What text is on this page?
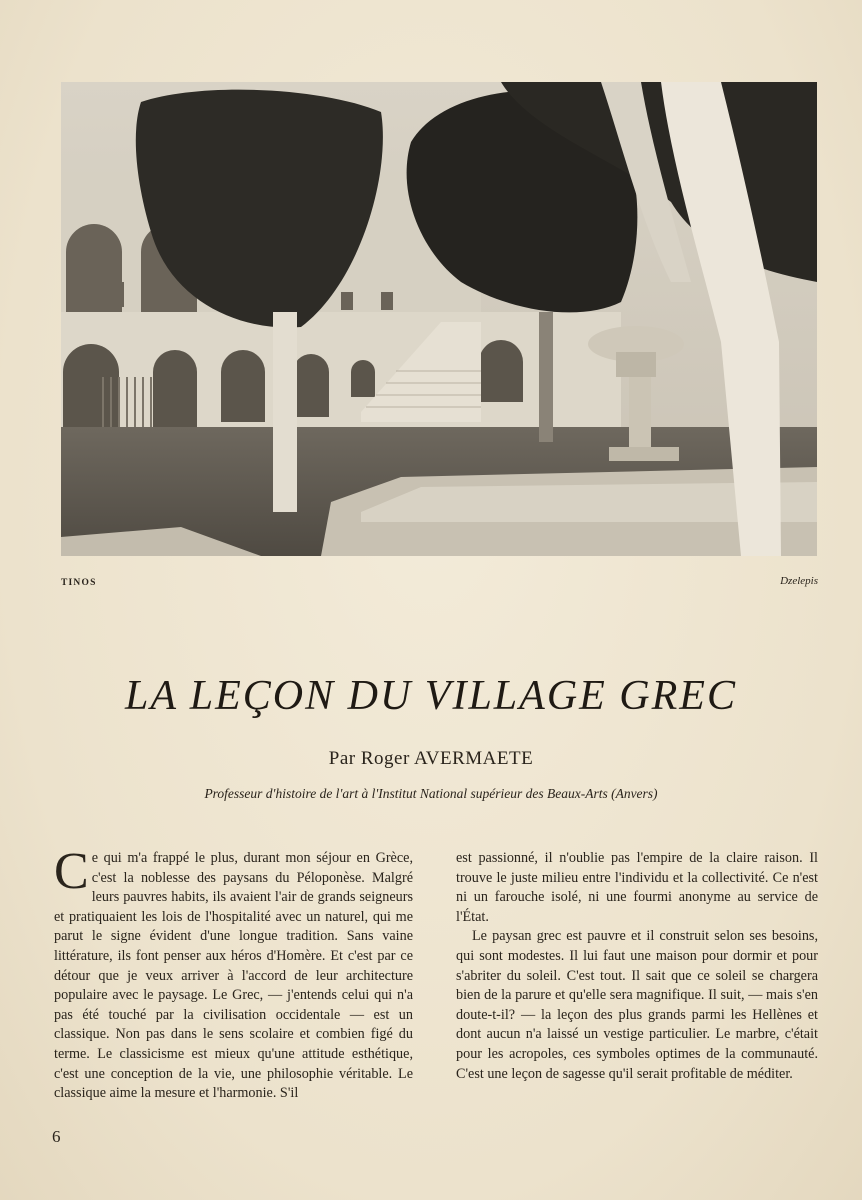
TINOS	Dzelepis
LA LEÇON DU VILLAGE GREC
Par Roger AVERMAETE
Professeur d'histoire de l'art à l'Institut National supérieur des Beaux-Arts (Anvers)

Ce qui m'a frappé le plus, durant mon séjour en Grèce, c'est la noblesse des paysans du Péloponèse. Malgré leurs pauvres habits, ils avaient l'air de grands seigneurs et pratiquaient les lois de l'hospitalité avec un naturel, qui me parut le signe évident d'une longue tradition. Sans vaine littérature, ils font penser aux héros d'Homère. Et c'est par ce détour que je veux arriver à l'accord de leur architecture populaire avec le paysage. Le Grec, — j'entends celui qui n'a pas été touché par la civilisation occidentale — est un classique. Non pas dans le sens scolaire et combien figé du terme. Le classicisme est mieux qu'une attitude esthétique, c'est une conception de la vie, une philosophie véritable. Le classique aime la mesure et l'harmonie. S'il

est passionné, il n'oublie pas l'empire de la claire raison. Il trouve le juste milieu entre l'individu et la collectivité. Ce n'est ni un farouche isolé, ni une fourmi anonyme au service de l'État.

Le paysan grec est pauvre et il construit selon ses besoins, qui sont modestes. Il lui faut une maison pour dormir et pour s'abriter du soleil. C'est tout. Il sait que ce soleil se chargera bien de la parure et qu'elle sera magnifique. Il suit, — mais s'en doute-t-il? — la leçon des plus grands parmi les Hellènes et dont aucun n'a laissé un vestige particulier. Le marbre, c'était pour les acropoles, ces symboles optimes de la communauté. C'est une leçon de sagesse qu'il serait profitable de méditer.

6
